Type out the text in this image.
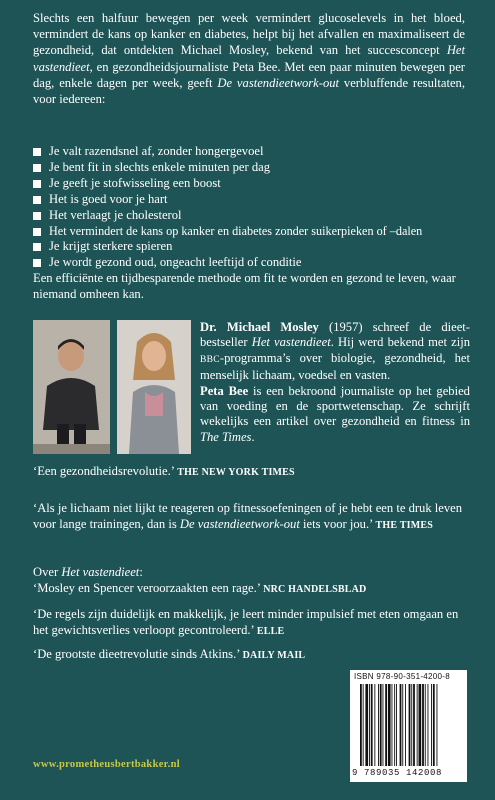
Slechts een halfuur bewegen per week vermindert glucoselevels in het bloed, vermindert de kans op kanker en diabetes, helpt bij het afvallen en maximaliseert de gezondheid, dat ontdekten Michael Mosley, bekend van het succesconcept Het vastendieet, en gezondheidsjournaliste Peta Bee. Met een paar minuten bewegen per dag, enkele dagen per week, geeft De vastendieetwork-out verbluffende resultaten, voor iedereen:

Je valt razendsnel af, zonder hongergevoel
Je bent fit in slechts enkele minuten per dag
Je geeft je stofwisseling een boost
Het is goed voor je hart
Het verlaagt je cholesterol
Het vermindert de kans op kanker en diabetes zonder suikerpieken of –dalen
Je krijgt sterkere spieren
Je wordt gezond oud, ongeacht leeftijd of conditie

Een efficiënte en tijdbesparende methode om fit te worden en gezond te leven, waar niemand omheen kan.

Dr. Michael Mosley (1957) schreef de dieetbestseller Het vastendieet. Hij werd bekend met zijn BBC-programma’s over biologie, gezondheid, het menselijk lichaam, voedsel en vasten.
Peta Bee is een bekroond journaliste op het gebied van voeding en de sportwetenschap. Ze schrijft wekelijks een artikel over gezondheid en fitness in The Times.

‘Een gezondheidsrevolutie.’ THE NEW YORK TIMES

‘Als je lichaam niet lijkt te reageren op fitnessoefeningen of je hebt een te druk leven voor lange trainingen, dan is De vastendieetwork-out iets voor jou.’ THE TIMES

Over Het vastendieet:
‘Mosley en Spencer veroorzaakten een rage.’ NRC HANDELSBLAD

‘De regels zijn duidelijk en makkelijk, je leert minder impulsief met eten omgaan en het gewichtsverlies verloopt gecontroleerd.’ ELLE

‘De grootste dieetrevolutie sinds Atkins.’ DAILY MAIL

ISBN 978-90-351-4200-8
9 789035 142008
www.prometheusbertbakker.nl
